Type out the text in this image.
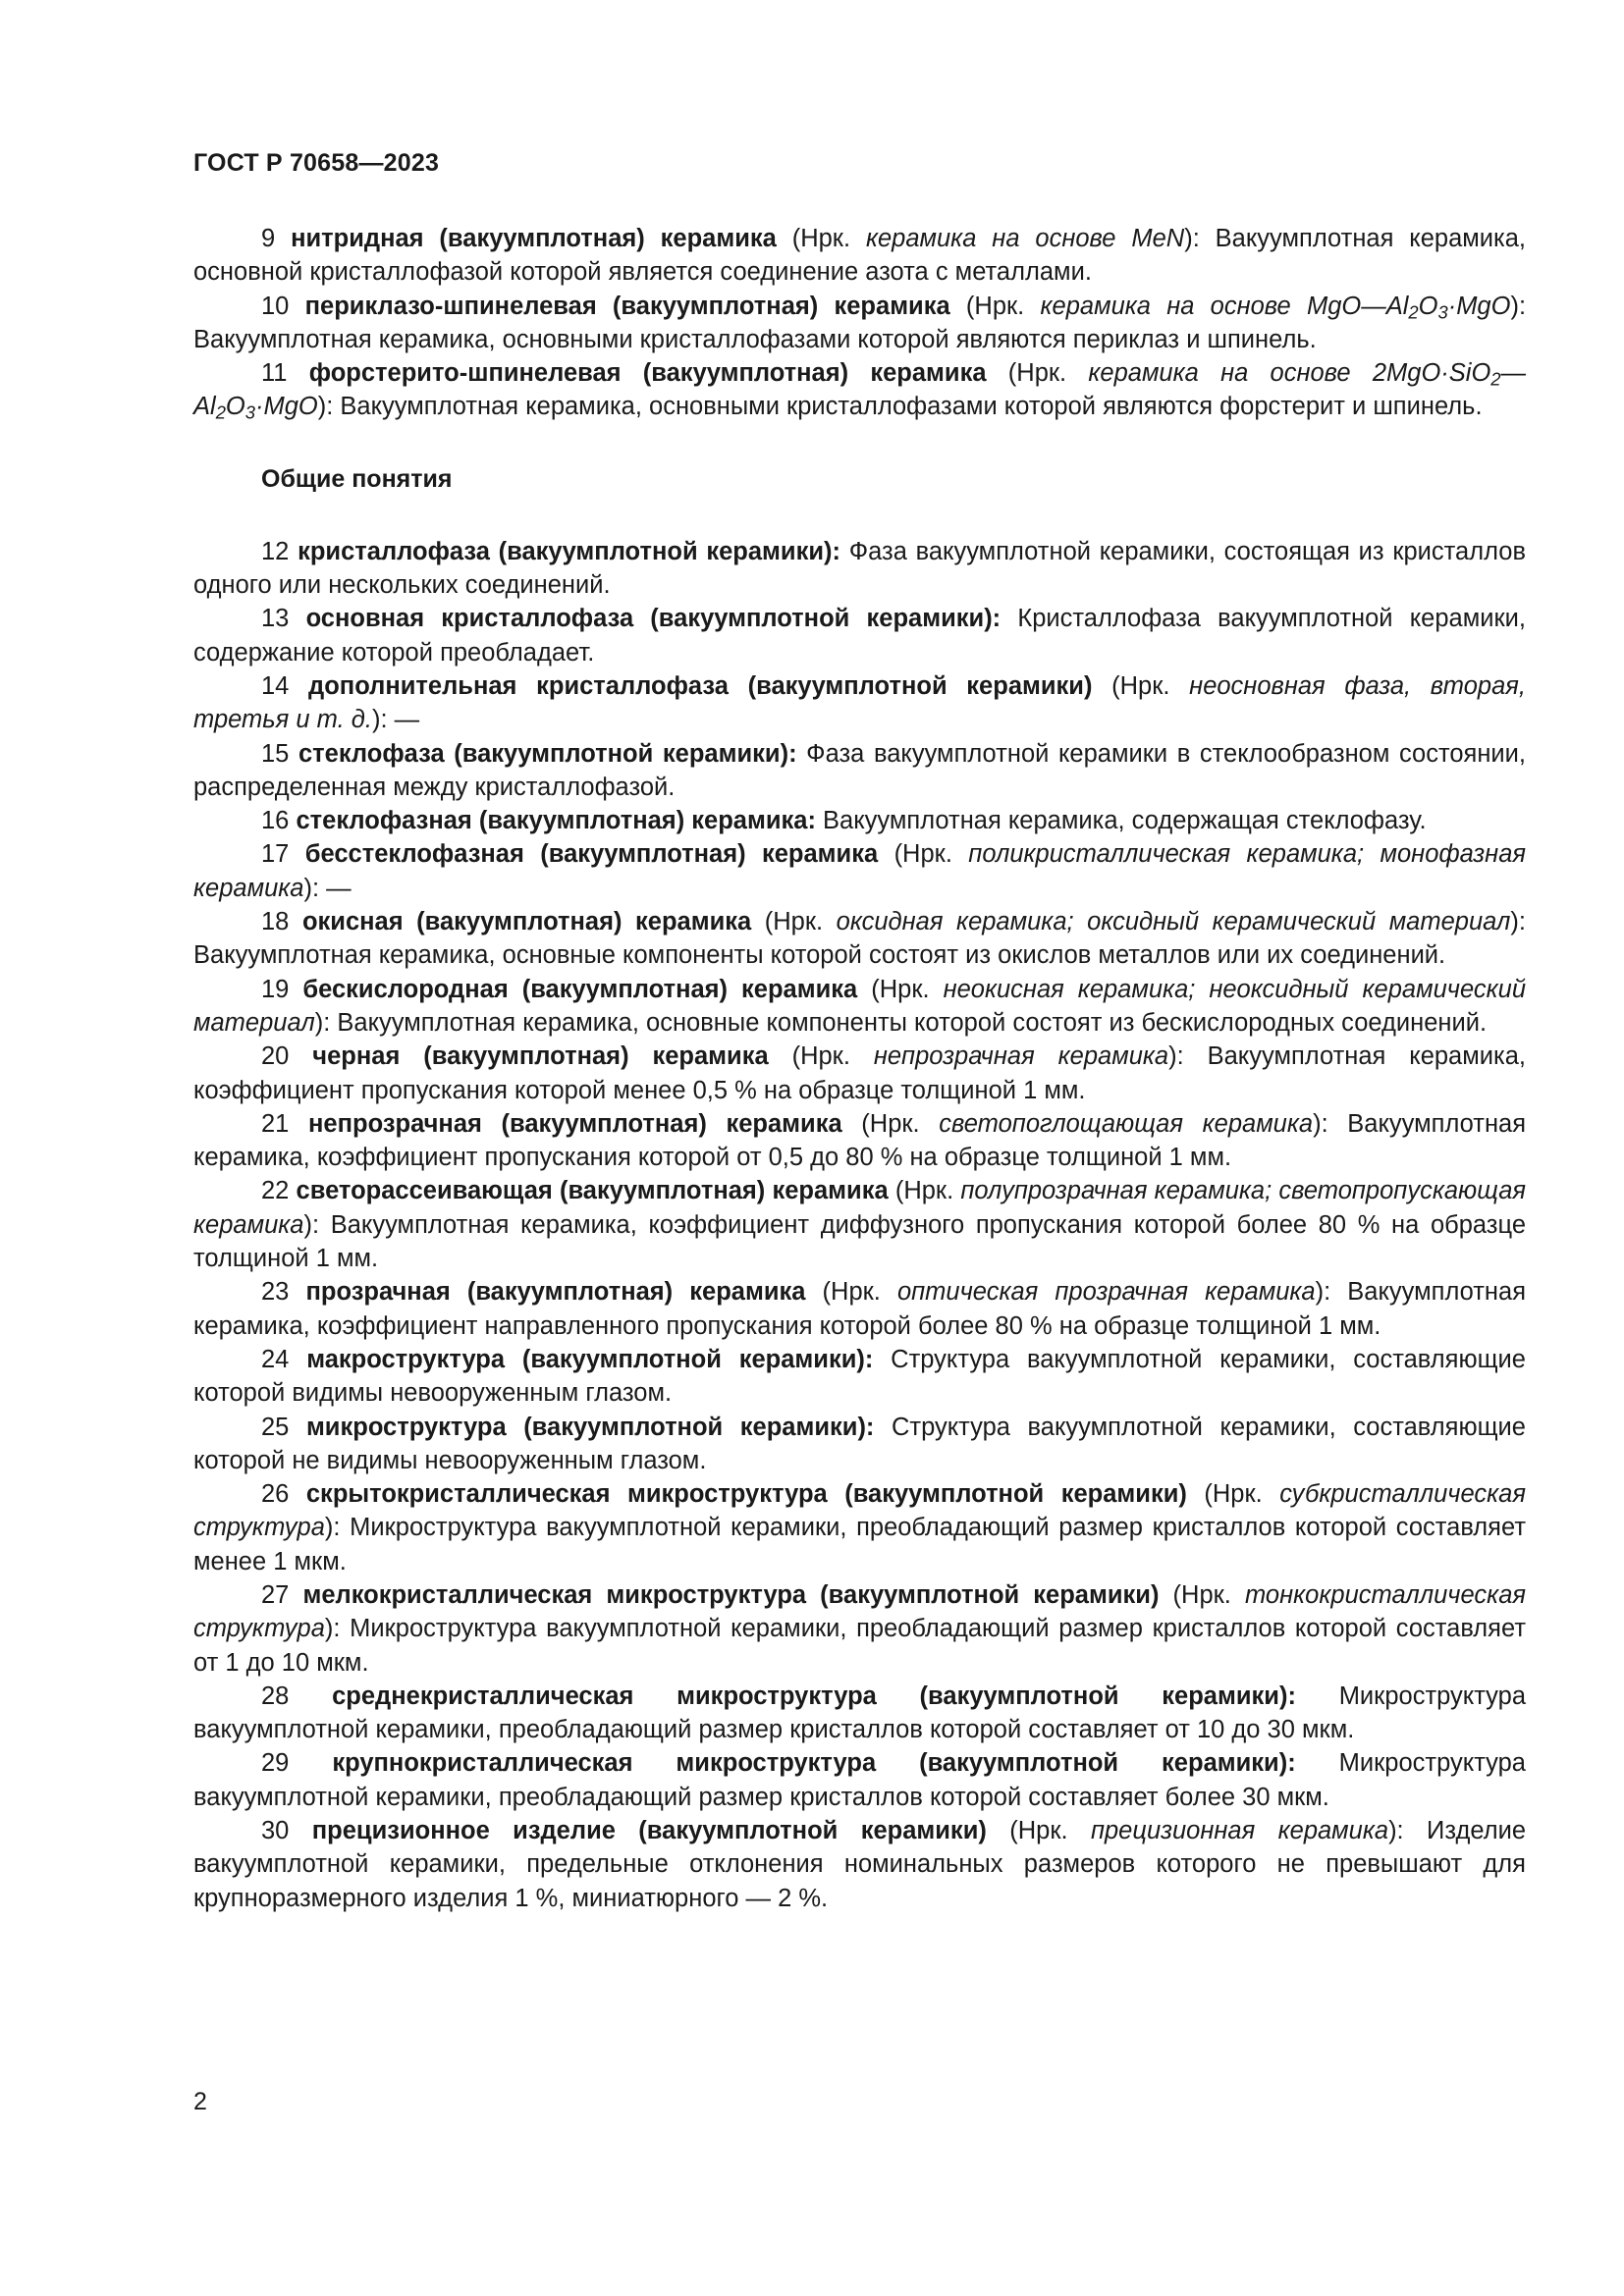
ГОСТ Р 70658—2023

9 нитридная (вакуумплотная) керамика (Нрк. керамика на основе MeN): Вакуумплотная керамика, основной кристаллофазой которой является соединение азота с металлами.

10 периклазо-шпинелевая (вакуумплотная) керамика (Нрк. керамика на основе $MgO—Al_2O_3\cdot MgO$): Вакуумплотная керамика, основными кристаллофазами которой являются периклаз и шпинель.

11 форстерито-шпинелевая (вакуумплотная) керамика (Нрк. керамика на основе $2MgO\cdot SiO_2—Al_2O_3\cdot MgO$): Вакуумплотная керамика, основными кристаллофазами которой являются форстерит и шпинель.

Общие понятия

12 кристаллофаза (вакуумплотной керамики): Фаза вакуумплотной керамики, состоящая из кристаллов одного или нескольких соединений.

13 основная кристаллофаза (вакуумплотной керамики): Кристаллофаза вакуумплотной керамики, содержание которой преобладает.

14 дополнительная кристаллофаза (вакуумплотной керамики) (Нрк. неосновная фаза, вторая, третья и т. д.): —

15 стеклофаза (вакуумплотной керамики): Фаза вакуумплотной керамики в стеклообразном состоянии, распределенная между кристаллофазой.

16 стеклофазная (вакуумплотная) керамика: Вакуумплотная керамика, содержащая стеклофазу.

17 бесстеклофазная (вакуумплотная) керамика (Нрк. поликристаллическая керамика; монофазная керамика): —

18 окисная (вакуумплотная) керамика (Нрк. оксидная керамика; оксидный керамический материал): Вакуумплотная керамика, основные компоненты которой состоят из окислов металлов или их соединений.

19 бескислородная (вакуумплотная) керамика (Нрк. неокисная керамика; неоксидный керамический материал): Вакуумплотная керамика, основные компоненты которой состоят из бескислородных соединений.

20 черная (вакуумплотная) керамика (Нрк. непрозрачная керамика): Вакуумплотная керамика, коэффициент пропускания которой менее 0,5 % на образце толщиной 1 мм.

21 непрозрачная (вакуумплотная) керамика (Нрк. светопоглощающая керамика): Вакуумплотная керамика, коэффициент пропускания которой от 0,5 до 80 % на образце толщиной 1 мм.

22 светорассеивающая (вакуумплотная) керамика (Нрк. полупрозрачная керамика; светопропускающая керамика): Вакуумплотная керамика, коэффициент диффузного пропускания которой более 80 % на образце толщиной 1 мм.

23 прозрачная (вакуумплотная) керамика (Нрк. оптическая прозрачная керамика): Вакуумплотная керамика, коэффициент направленного пропускания которой более 80 % на образце толщиной 1 мм.

24 макроструктура (вакуумплотной керамики): Структура вакуумплотной керамики, составляющие которой видимы невооруженным глазом.

25 микроструктура (вакуумплотной керамики): Структура вакуумплотной керамики, составляющие которой не видимы невооруженным глазом.

26 скрытокристаллическая микроструктура (вакуумплотной керамики) (Нрк. субкристаллическая структура): Микроструктура вакуумплотной керамики, преобладающий размер кристаллов которой составляет менее 1 мкм.

27 мелкокристаллическая микроструктура (вакуумплотной керамики) (Нрк. тонкокристаллическая структура): Микроструктура вакуумплотной керамики, преобладающий размер кристаллов которой составляет от 1 до 10 мкм.

28 среднекристаллическая микроструктура (вакуумплотной керамики): Микроструктура вакуумплотной керамики, преобладающий размер кристаллов которой составляет от 10 до 30 мкм.

29 крупнокристаллическая микроструктура (вакуумплотной керамики): Микроструктура вакуумплотной керамики, преобладающий размер кристаллов которой составляет более 30 мкм.

30 прецизионное изделие (вакуумплотной керамики) (Нрк. прецизионная керамика): Изделие вакуумплотной керамики, предельные отклонения номинальных размеров которого не превышают для крупноразмерного изделия 1 %, миниатюрного — 2 %.

2
